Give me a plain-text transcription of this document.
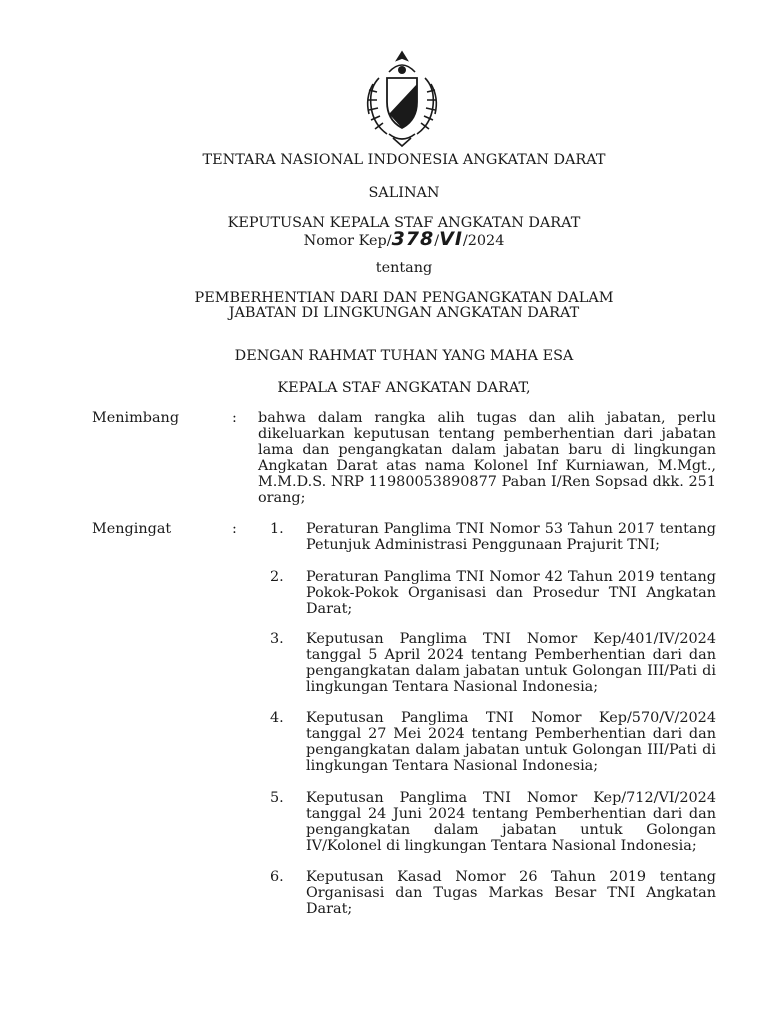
TENTARA NASIONAL INDONESIA ANGKATAN DARAT
SALINAN
KEPUTUSAN KEPALA STAF ANGKATAN DARAT
Nomor Kep/378/VI/2024
tentang
PEMBERHENTIAN DARI DAN PENGANGKATAN DALAM
JABATAN DI LINGKUNGAN ANGKATAN DARAT
DENGAN RAHMAT TUHAN YANG MAHA ESA
KEPALA STAF ANGKATAN DARAT,
Menimbang	: bahwa dalam rangka alih tugas dan alih jabatan, perlu dikeluarkan keputusan tentang pemberhentian dari jabatan lama dan pengangkatan dalam jabatan baru di lingkungan Angkatan Darat atas nama Kolonel Inf Kurniawan, M.Mgt., M.M.D.S. NRP 11980053890877 Paban I/Ren Sopsad dkk. 251 orang;
Mengingat	: 1. Peraturan Panglima TNI Nomor 53 Tahun 2017 tentang Petunjuk Administrasi Penggunaan Prajurit TNI;
2. Peraturan Panglima TNI Nomor 42 Tahun 2019 tentang Pokok-Pokok Organisasi dan Prosedur TNI Angkatan Darat;
3. Keputusan Panglima TNI Nomor Kep/401/IV/2024 tanggal 5 April 2024 tentang Pemberhentian dari dan pengangkatan dalam jabatan untuk Golongan III/Pati di lingkungan Tentara Nasional Indonesia;
4. Keputusan Panglima TNI Nomor Kep/570/V/2024 tanggal 27 Mei 2024 tentang Pemberhentian dari dan pengangkatan dalam jabatan untuk Golongan III/Pati di lingkungan Tentara Nasional Indonesia;
5. Keputusan Panglima TNI Nomor Kep/712/VI/2024 tanggal 24 Juni 2024 tentang Pemberhentian dari dan pengangkatan dalam jabatan untuk Golongan IV/Kolonel di lingkungan Tentara Nasional Indonesia;
6. Keputusan Kasad Nomor 26 Tahun 2019 tentang Organisasi dan Tugas Markas Besar TNI Angkatan Darat;
